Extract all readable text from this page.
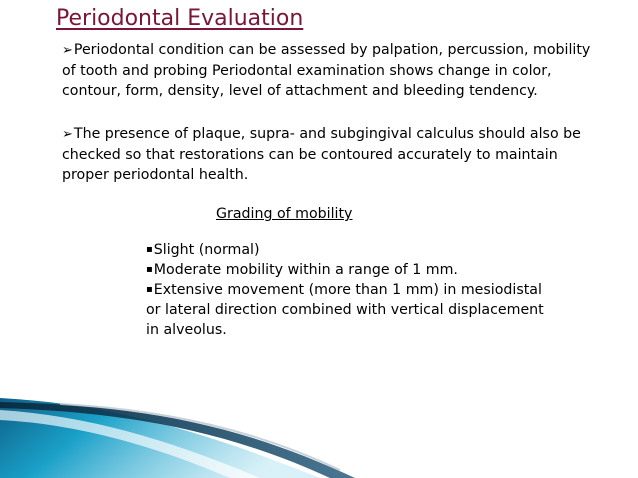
Periodontal Evaluation

➢Periodontal condition can be assessed by palpation, percussion, mobility of tooth and probing Periodontal examination shows change in color, contour, form, density, level of attachment and bleeding tendency.

➢The presence of plaque, supra- and subgingival calculus should also be checked so that restorations can be contoured accurately to maintain proper periodontal health.

Grading of mobility
▪Slight (normal)
▪Moderate mobility within a range of 1 mm.
▪Extensive movement (more than 1 mm) in mesiodistal or lateral direction combined with vertical displacement in alveolus.
